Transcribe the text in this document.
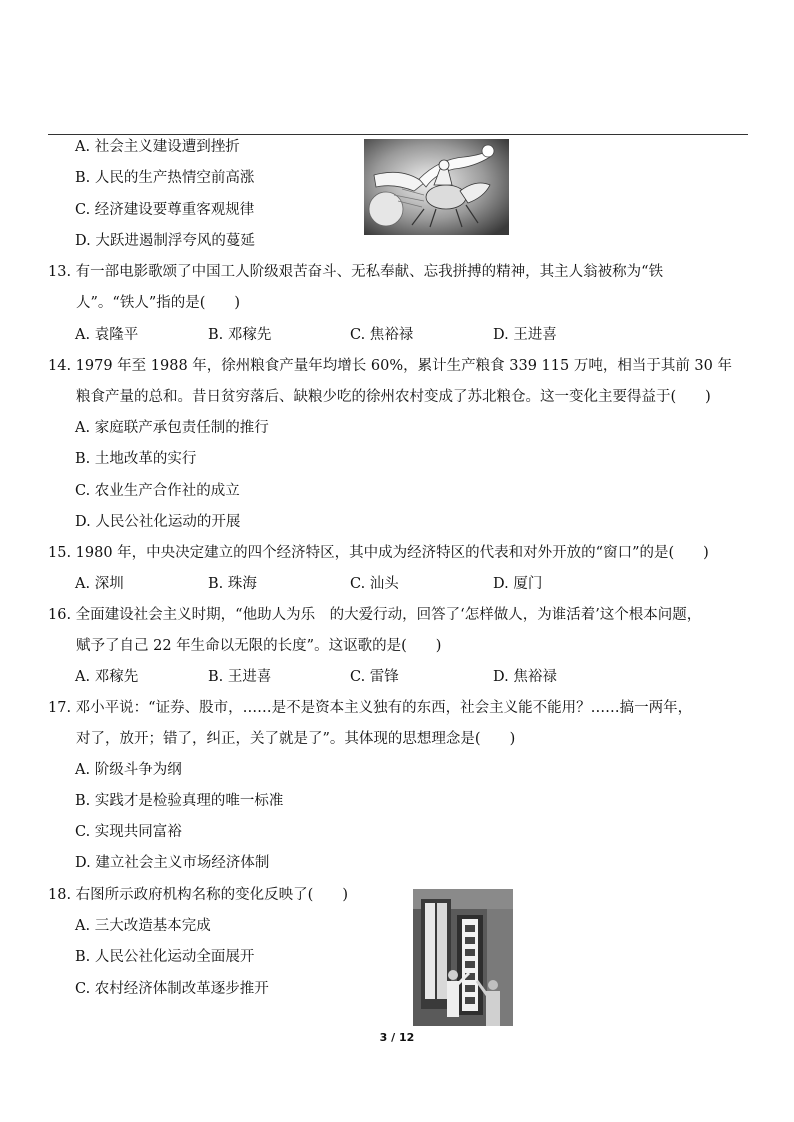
A. 社会主义建设遭到挫折
B. 人民的生产热情空前高涨
C. 经济建设要尊重客观规律
D. 大跃进遏制浮夸风的蔓延
13. 有一部电影歌颂了中国工人阶级艰苦奋斗、无私奉献、忘我拼搏的精神，其主人翁被称为“铁
人”。“铁人”指的是(　　)
A. 袁隆平	B. 邓稼先	C. 焦裕禄	D. 王进喜
14. 1979 年至 1988 年，徐州粮食产量年均增长 60%，累计生产粮食 339 115 万吨，相当于其前 30 年
粮食产量的总和。昔日贫穷落后、缺粮少吃的徐州农村变成了苏北粮仓。这一变化主要得益于(　　)
A. 家庭联产承包责任制的推行
B. 土地改革的实行
C. 农业生产合作社的成立
D. 人民公社化运动的开展
15. 1980 年，中央决定建立的四个经济特区，其中成为经济特区的代表和对外开放的“窗口”的是(　　)
A. 深圳	B. 珠海	C. 汕头	D. 厦门
16. 全面建设社会主义时期，“他助人为乐　的大爱行动，回答了‘怎样做人，为谁活着’这个根本问题，
赋予了自己 22 年生命以无限的长度”。这讴歌的是(　　)
A. 邓稼先	B. 王进喜	C. 雷锋	D. 焦裕禄
17. 邓小平说：“证券、股市，……是不是资本主义独有的东西，社会主义能不能用？……搞一两年，
对了，放开；错了，纠正，关了就是了”。其体现的思想理念是(　　)
A. 阶级斗争为纲
B. 实践才是检验真理的唯一标准
C. 实现共同富裕
D. 建立社会主义市场经济体制
18. 右图所示政府机构名称的变化反映了(　　)
A. 三大改造基本完成
B. 人民公社化运动全面展开
C. 农村经济体制改革逐步推开
3 / 12
